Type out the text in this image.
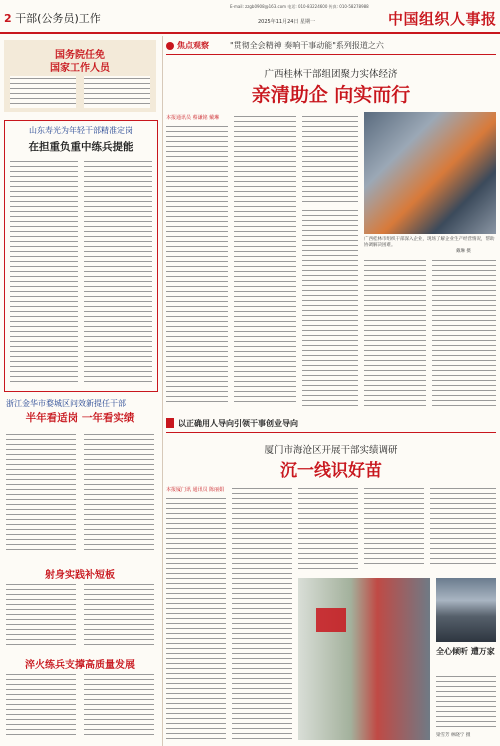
2 干部(公务员)工作
E-mail: zzgb0908@163.com 电话: 010-83224600 传真: 010-58278988
2025年11月24日 星期一	中国组织人事报
国务院任免
国家工作人员
山东寿光为年轻干部精准定岗
在担重负重中练兵提能
浙江金华市婺城区问效新提任干部
半年看适岗 一年看实绩
射身实践补短板
淬火练兵支撑高质量发展
焦点观察	"贯彻全会精神 奏响干事动能"系列报道之六
广西桂林干部组团聚力实体经济
亲清助企 向实而行
本报通讯员 蔡谦铭 戴琳
广西桂林市组织干部深入企业，现场了解企业生产经营情况，帮助协调解决困难。
戴琳 摄
以正确用人导向引领干事创业导向
厦门市海沧区开展干部实绩调研
沉一线识好苗
本报厦门讯 通讯员 陈丽娟
全心倾听 遭万家
梁雪芳 林晓宁 摄
